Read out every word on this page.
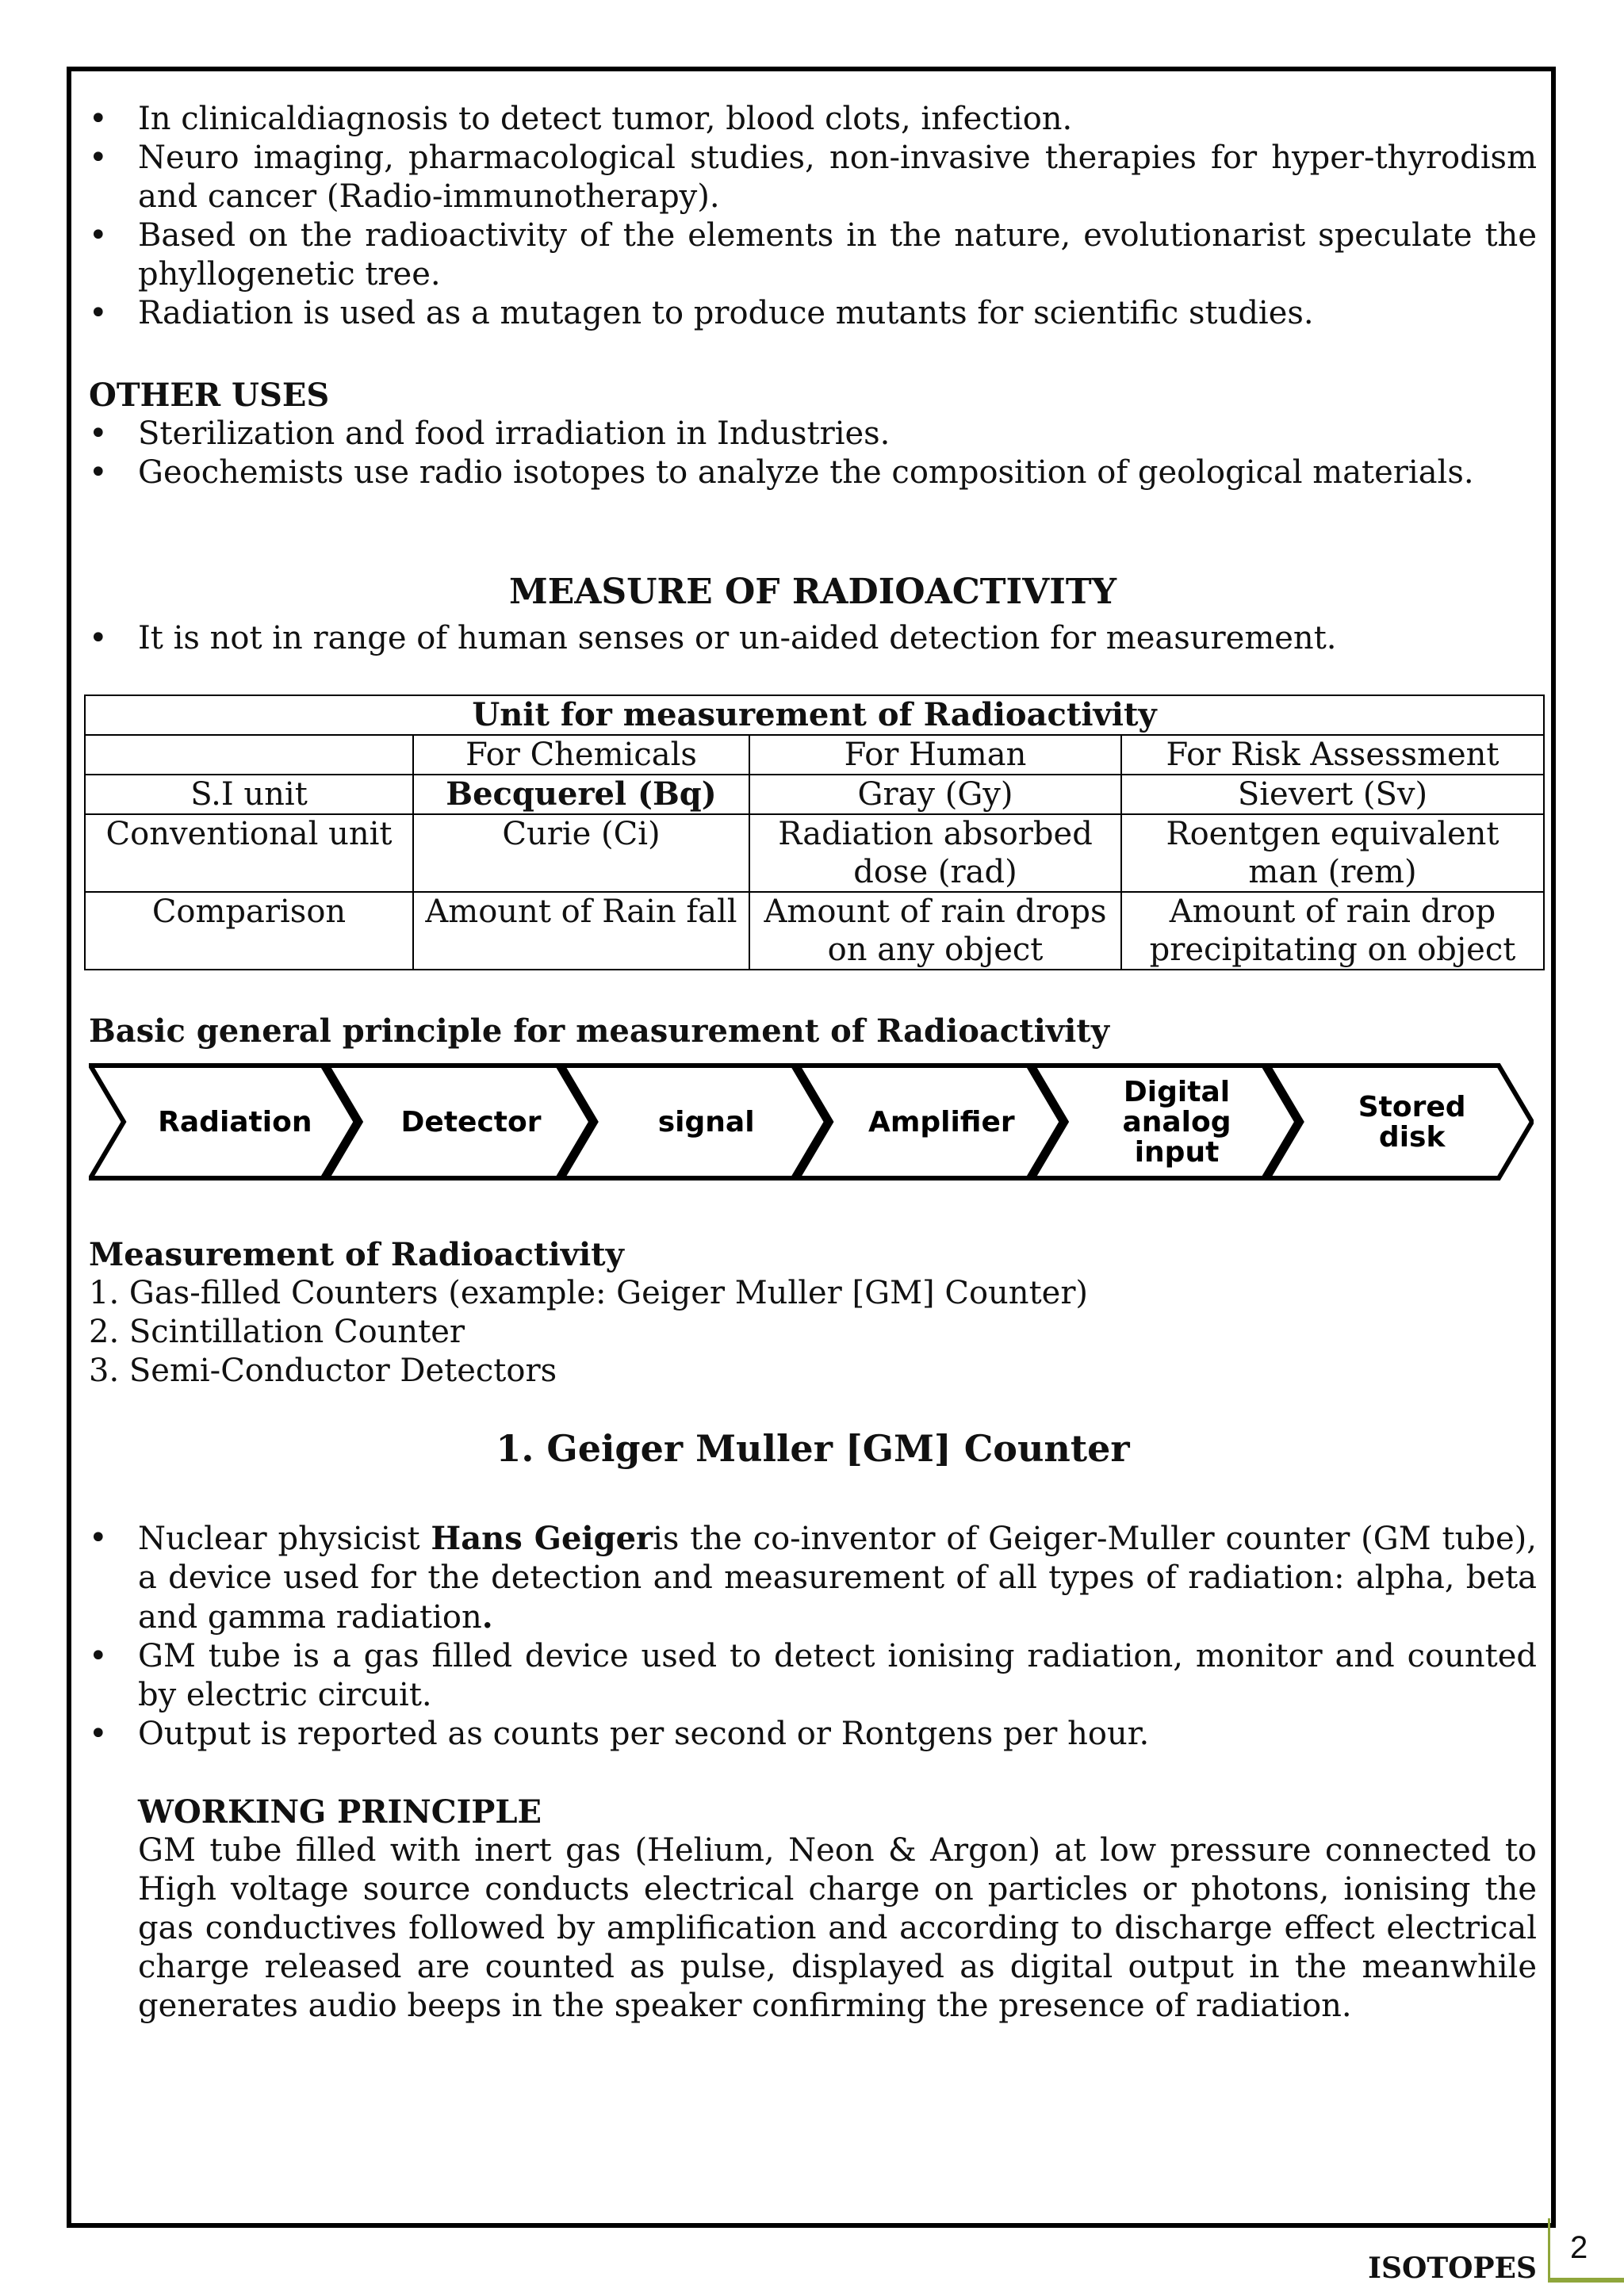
• In clinicaldiagnosis to detect tumor, blood clots, infection.
• Neuro imaging, pharmacological studies, non-invasive therapies for hyper-thyrodism and cancer (Radio-immunotherapy).
• Based on the radioactivity of the elements in the nature, evolutionarist speculate the phyllogenetic tree.
• Radiation is used as a mutagen to produce mutants for scientific studies.
OTHER USES
• Sterilization and food irradiation in Industries.
• Geochemists use radio isotopes to analyze the composition of geological materials.
MEASURE OF RADIOACTIVITY
• It is not in range of human senses or un-aided detection for measurement.
Unit for measurement of Radioactivity			
	For Chemicals	For Human	For Risk Assessment
S.I unit	Becquerel (Bq)	Gray (Gy)	Sievert (Sv)
Conventional unit	Curie (Ci)	Radiation absorbed dose (rad)	Roentgen equivalent man (rem)
Comparison	Amount of Rain fall	Amount of rain drops on any object	Amount of rain drop precipitating on object
Basic general principle for measurement of Radioactivity
Radiation	Detector	signal	Amplifier
Digital
analog
input
Stored
disk
Measurement of Radioactivity
1. Gas-filled Counters (example: Geiger Muller [GM] Counter)
2. Scintillation Counter
3. Semi-Conductor Detectors
1. Geiger Muller [GM] Counter
• Nuclear physicist Hans Geigeris the co-inventor of Geiger-Muller counter (GM tube), a device used for the detection and measurement of all types of radiation: alpha, beta and gamma radiation.
• GM tube is a gas filled device used to detect ionising radiation, monitor and counted by electric circuit.
• Output is reported as counts per second or Rontgens per hour.
WORKING PRINCIPLE
GM tube filled with inert gas (Helium, Neon & Argon) at low pressure connected to High voltage source conducts electrical charge on particles or photons, ionising the gas conductives followed by amplification and according to discharge effect electrical charge released are counted as pulse, displayed as digital output in the meanwhile generates audio beeps in the speaker confirming the presence of radiation.
ISOTOPES
2
